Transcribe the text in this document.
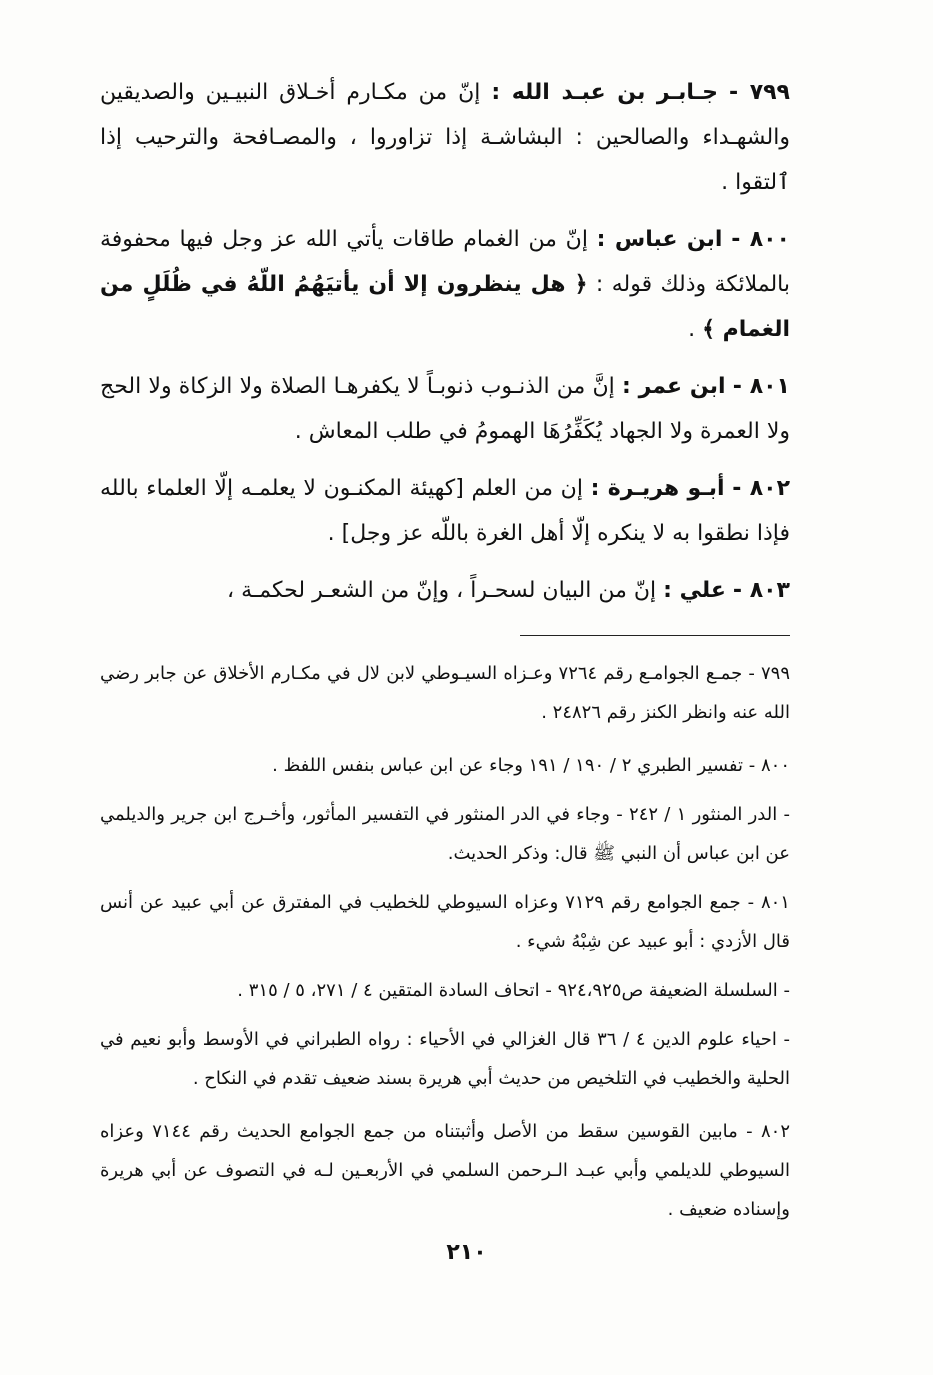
٧٩٩ - جـابـر بن عبـد الله : إنّ من مكـارم أخـلاق النبيـين والصديقين والشهـداء والصالحين : البشاشـة إذا تزاوروا ، والمصـافحة والترحيب إذا ٱلتقوا .

٨٠٠ - ابن عباس : إنّ من الغمام طاقات يأتي الله عز وجل فيها محفوفة بالملائكة وذلك قوله : ﴿ هل ينظرون إلا أن يأتيَهُمُ اللّهُ في ظُلَلٍ من الغمام ﴾ .

٨٠١ - ابن عمر : إنَّ من الذنـوب ذنوبـاً لا يكفرهـا الصلاة ولا الزكاة ولا الحج ولا العمرة ولا الجهاد يُكَفِّرُهَا الهمومُ في طلب المعاش .

٨٠٢ - أبـو هريـرة : إن من العلم [كهيئة المكنـون لا يعلمـه إلّا العلماء بالله فإذا نطقوا به لا ينكره إلّا أهل الغرة باللّه عز وجل] .

٨٠٣ - علي : إنّ من البيان لسحـراً ، وإنّ من الشعـر لحكمـة ،

٧٩٩ - جمـع الجوامـع رقم ٧٢٦٤ وعـزاه السيـوطي لابن لال في مكـارم الأخلاق عن جابر رضي الله عنه وانظر الكنز رقم ٢٤٨٢٦ .

٨٠٠ - تفسير الطبري ٢ / ١٩٠ / ١٩١ وجاء عن ابن عباس بنفس اللفظ .

- الدر المنثور ١ / ٢٤٢ - وجاء في الدر المنثور في التفسير المأثور، وأخـرج ابن جرير والديلمي عن ابن عباس أن النبي ﷺ قال: وذكر الحديث.

٨٠١ - جمع الجوامع رقم ٧١٢٩ وعزاه السيوطي للخطيب في المفترق عن أبي عبيد عن أنس قال الأزدي : أبو عبيد عن شِبْهُ شيء .

- السلسلة الضعيفة ص٩٢٤،٩٢٥ - اتحاف السادة المتقين ٤ / ٢٧١، ٥ / ٣١٥ .

- احياء علوم الدين ٤ / ٣٦ قال الغزالي في الأحياء : رواه الطبراني في الأوسط وأبو نعيم في الحلية والخطيب في التلخيص من حديث أبي هريرة بسند ضعيف تقدم في النكاح .

٨٠٢ - مابين القوسين سقط من الأصل وأثبتناه من جمع الجوامع الحديث رقم ٧١٤٤ وعزاه السيوطي للديلمي وأبي عبـد الـرحمن السلمي في الأربعـين لـه في التصوف عن أبي هريرة وإسناده ضعيف .

٢١٠
